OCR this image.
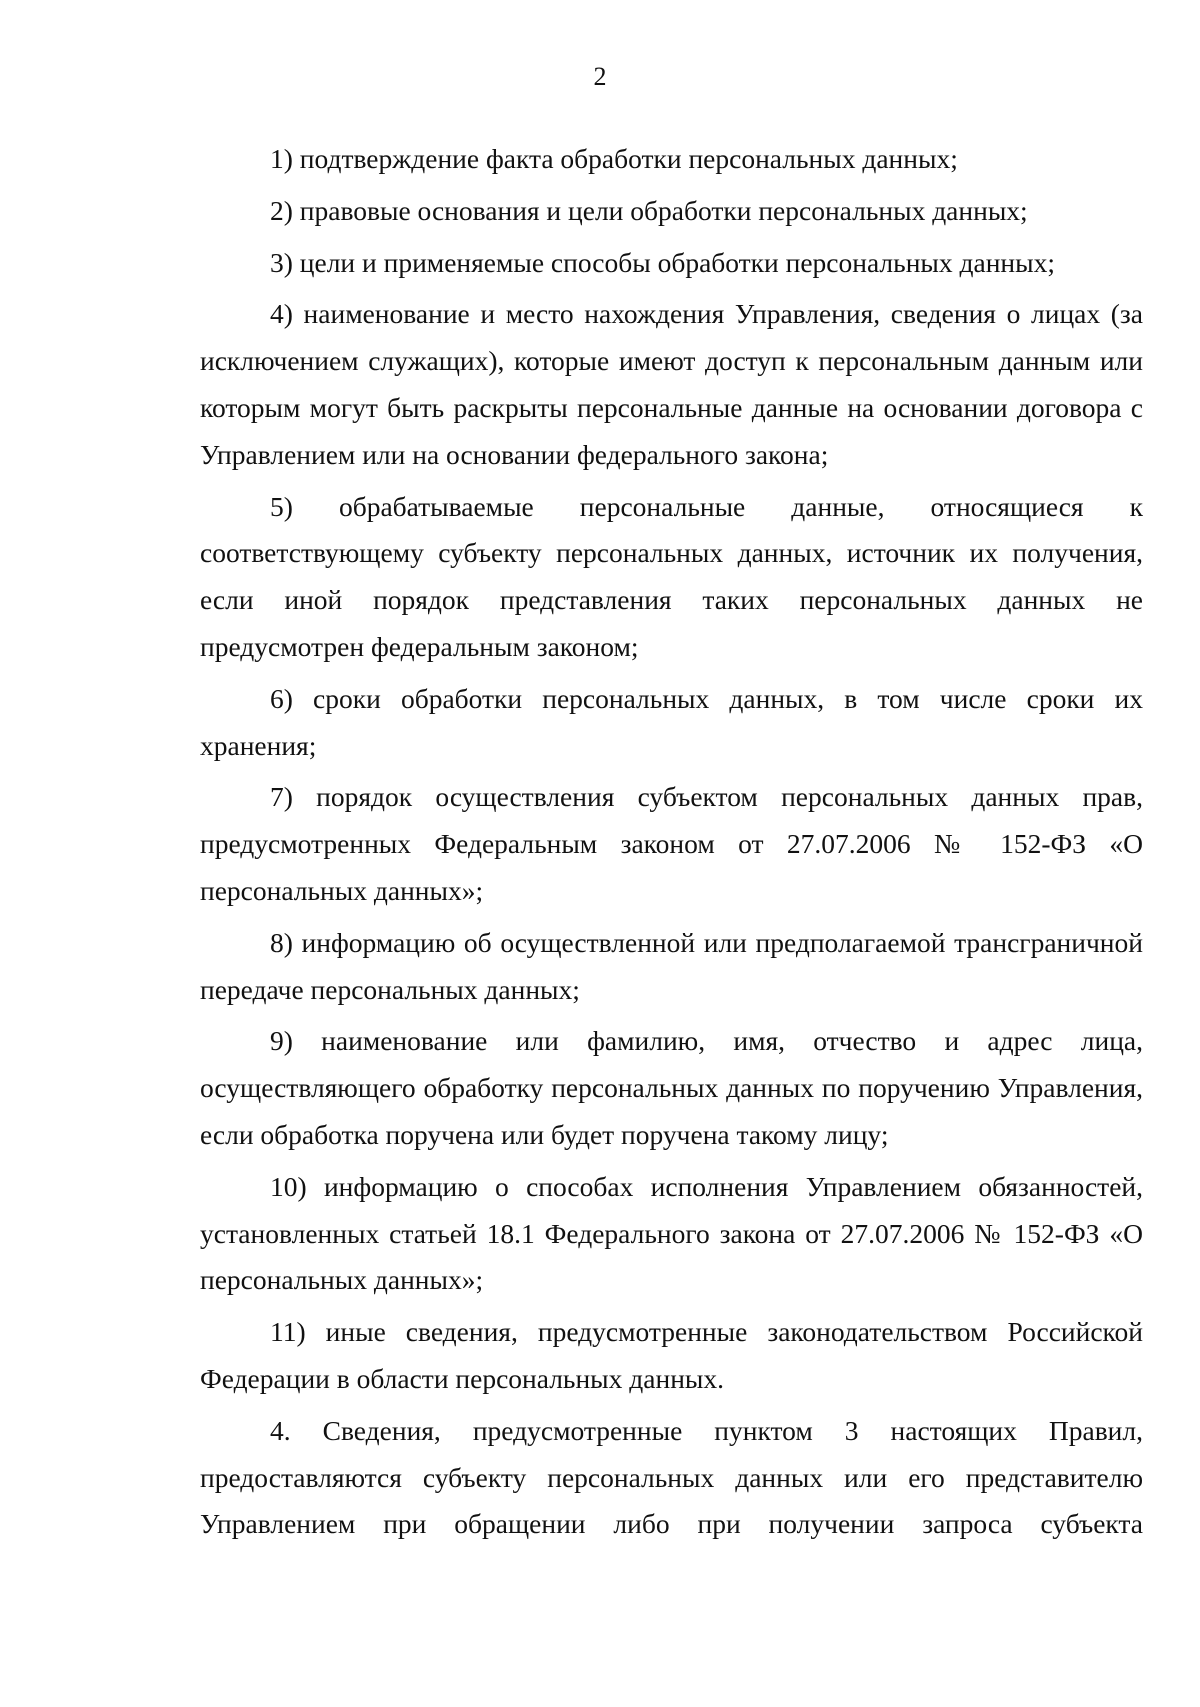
2

1) подтверждение факта обработки персональных данных;

2) правовые основания и цели обработки персональных данных;

3) цели и применяемые способы обработки персональных данных;

4) наименование и место нахождения Управления, сведения о лицах (за исключением служащих), которые имеют доступ к персональным данным или которым могут быть раскрыты персональные данные на основании договора с Управлением или на основании федерального закона;

5) обрабатываемые персональные данные, относящиеся к соответствующему субъекту персональных данных, источник их получения, если иной порядок представления таких персональных данных не предусмотрен федеральным законом;

6) сроки обработки персональных данных, в том числе сроки их хранения;

7) порядок осуществления субъектом персональных данных прав, предусмотренных Федеральным законом от 27.07.2006 № 152-ФЗ «О персональных данных»;

8) информацию об осуществленной или предполагаемой трансграничной передаче персональных данных;

9) наименование или фамилию, имя, отчество и адрес лица, осуществляющего обработку персональных данных по поручению Управления, если обработка поручена или будет поручена такому лицу;

10) информацию о способах исполнения Управлением обязанностей, установленных статьей 18.1 Федерального закона от 27.07.2006 № 152-ФЗ «О персональных данных»;

11) иные сведения, предусмотренные законодательством Российской Федерации в области персональных данных.

4. Сведения, предусмотренные пунктом 3 настоящих Правил, предоставляются субъекту персональных данных или его представителю Управлением при обращении либо при получении запроса субъекта
